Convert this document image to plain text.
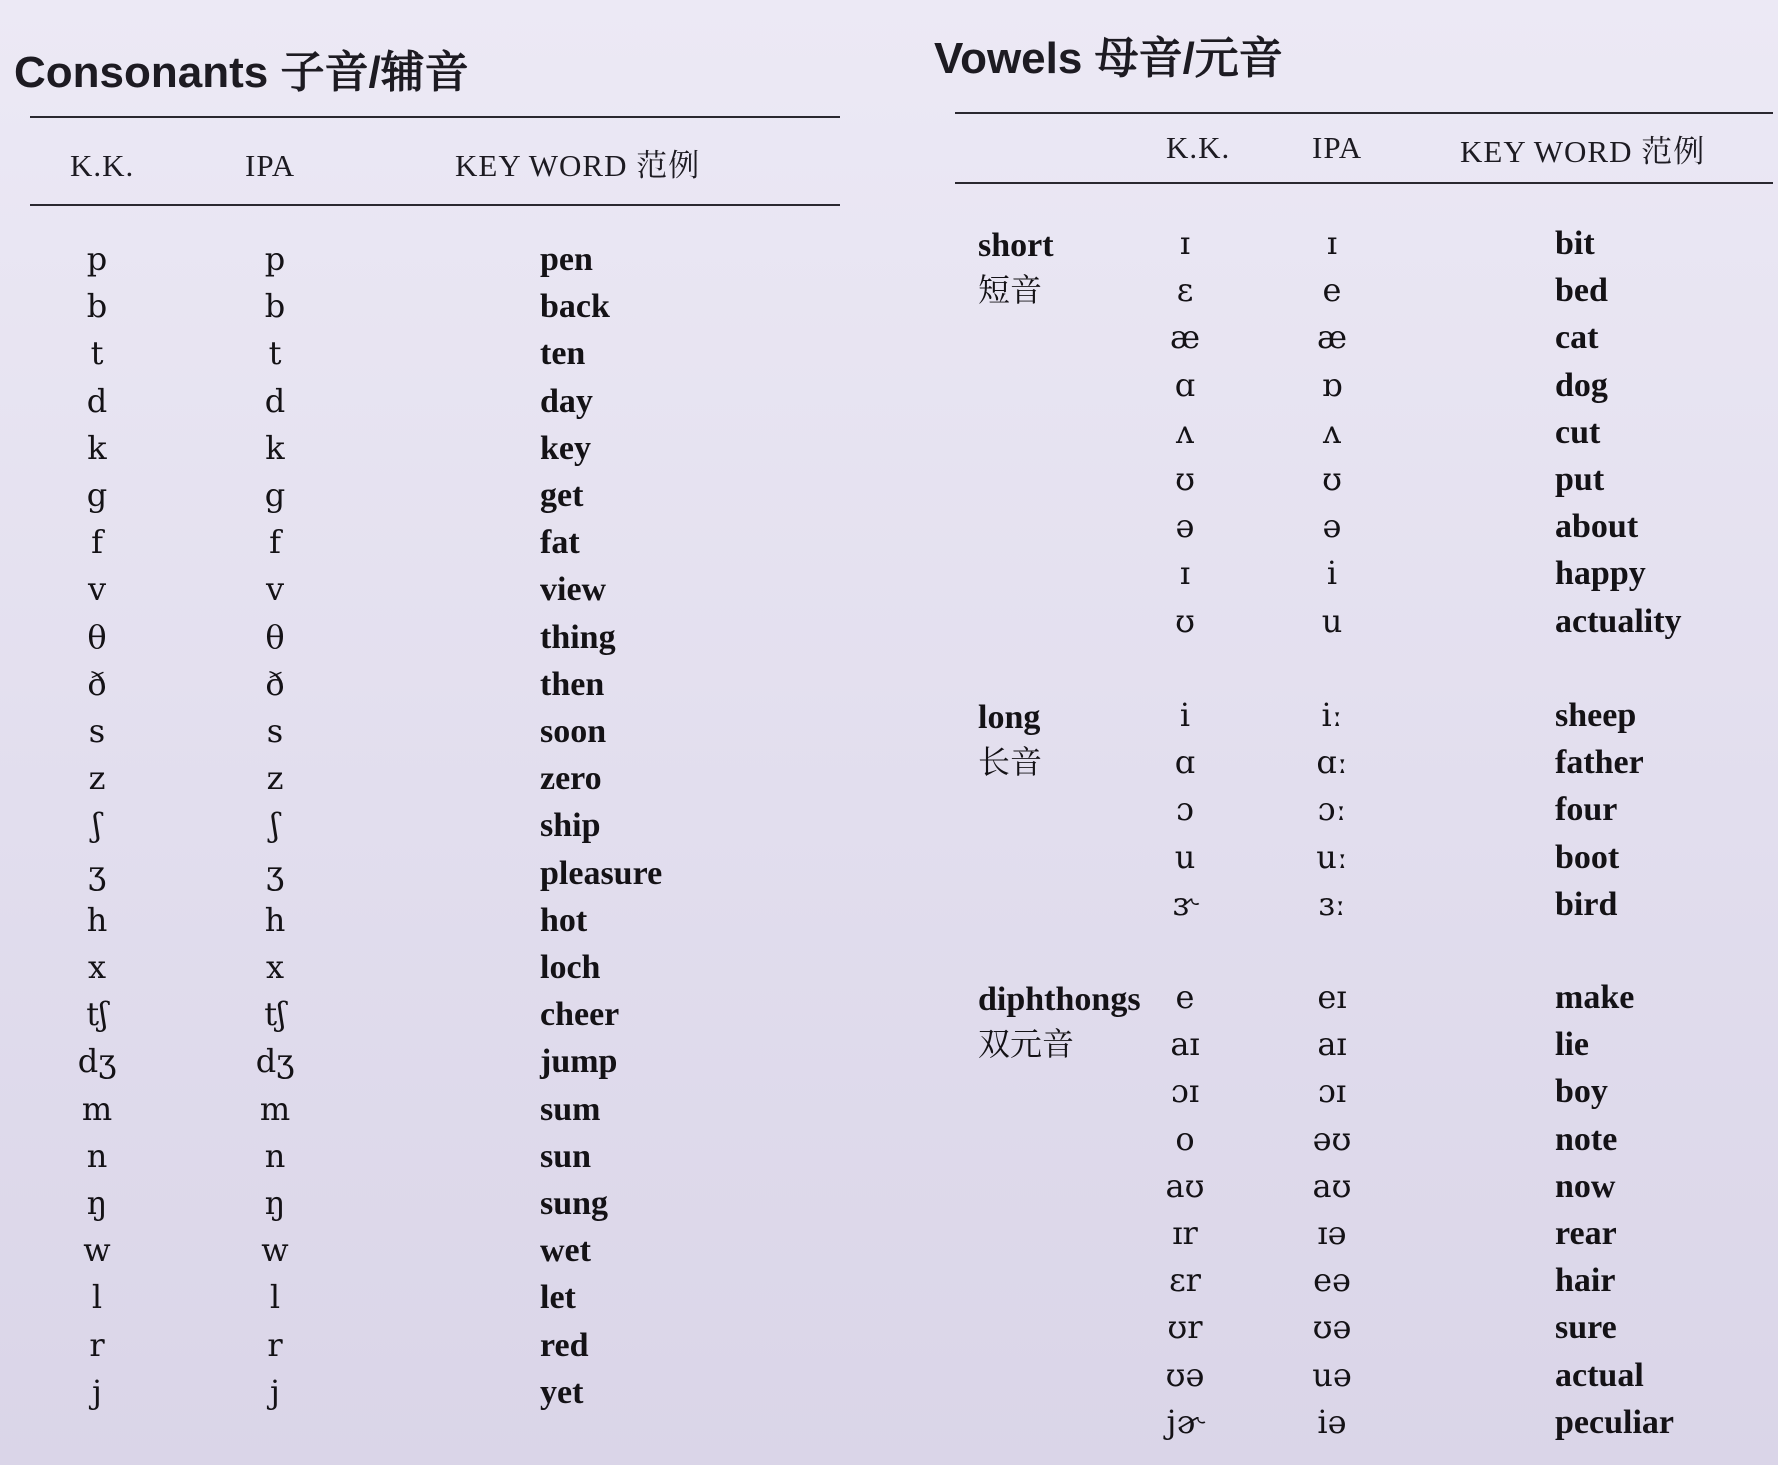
Consonants 子音/辅音
K.K.	IPA	KEY WORD 范例
p	p	pen
b	b	back
t	t	ten
d	d	day
k	k	key
g	g	get
f	f	fat
v	v	view
θ	θ	thing
ð	ð	then
s	s	soon
z	z	zero
ʃ	ʃ	ship
ʒ	ʒ	pleasure
h	h	hot
x	x	loch
tʃ	tʃ	cheer
dʒ	dʒ	jump
m	m	sum
n	n	sun
ŋ	ŋ	sung
w	w	wet
l	l	let
r	r	red
j	j	yet
Vowels 母音/元音
K.K.	IPA	KEY WORD 范例
short
短音
ɪ	ɪ	bit
ɛ	e	bed
æ	æ	cat
ɑ	ɒ	dog
ʌ	ʌ	cut
ʊ	ʊ	put
ə	ə	about
ɪ	i	happy
ʊ	u	actuality
long
长音
i	iː	sheep
ɑ	ɑː	father
ɔ	ɔː	four
u	uː	boot
ɝ	ɜː	bird
diphthongs
双元音
e	eɪ	make
aɪ	aɪ	lie
ɔɪ	ɔɪ	boy
o	əʊ	note
aʊ	aʊ	now
ɪr	ɪə	rear
ɛr	eə	hair
ʊr	ʊə	sure
ʊə	uə	actual
jɚ	iə	peculiar
